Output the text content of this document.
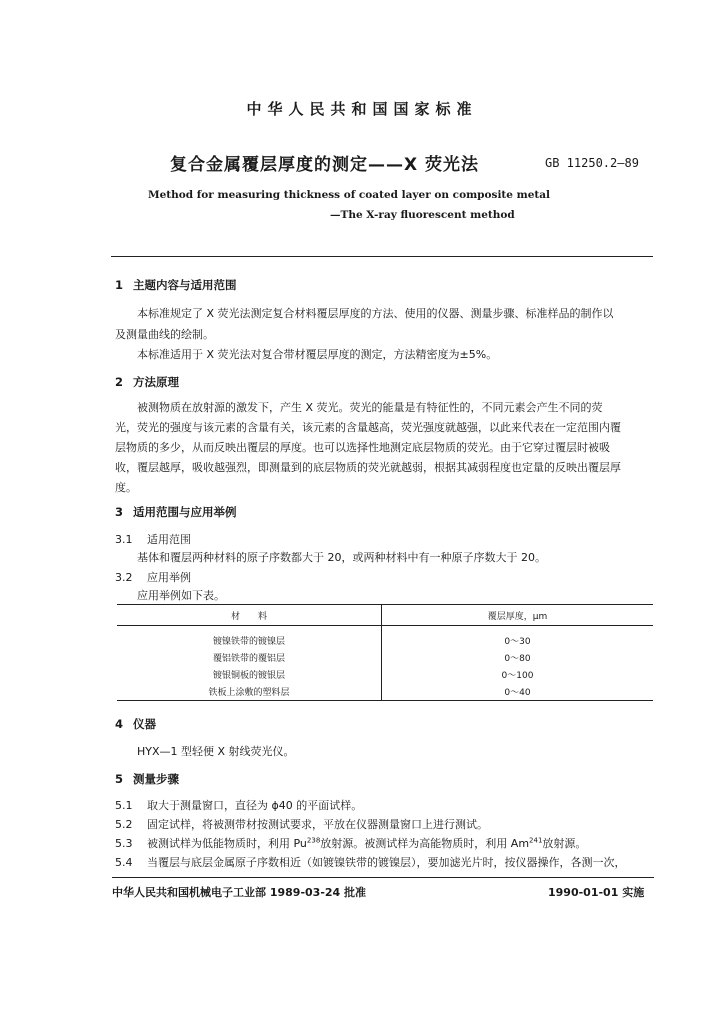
中华人民共和国国家标准
复合金属覆层厚度的测定——X 荧光法	GB 11250.2—89
Method for measuring thickness of coated layer on composite metal
—The X-ray fluorescent method
1 主题内容与适用范围
本标准规定了 X 荧光法测定复合材料覆层厚度的方法、使用的仪器、测量步骤、标准样品的制作以
及测量曲线的绘制。
本标准适用于 X 荧光法对复合带材覆层厚度的测定，方法精密度为±5%。
2 方法原理
被测物质在放射源的激发下，产生 X 荧光。荧光的能量是有特征性的，不同元素会产生不同的荧
光，荧光的强度与该元素的含量有关，该元素的含量越高，荧光强度就越强，以此来代表在一定范围内覆
层物质的多少，从而反映出覆层的厚度。也可以选择性地测定底层物质的荧光。由于它穿过覆层时被吸
收，覆层越厚，吸收越强烈，即测量到的底层物质的荧光就越弱，根据其减弱程度也定量的反映出覆层厚
度。
3 适用范围与应用举例
3.1 适用范围
基体和覆层两种材料的原子序数都大于 20，或两种材料中有一种原子序数大于 20。
3.2 应用举例
应用举例如下表。
材　　料	覆层厚度，μm
镀镍铁带的镀镍层	0～30
覆铝铁带的覆铝层	0～80
镀银铜板的镀银层	0～100
铁板上涂敷的塑料层	0～40
4 仪器
HYX—1 型轻便 X 射线荧光仪。
5 测量步骤
5.1 取大于测量窗口，直径为 ϕ40 的平面试样。
5.2 固定试样，将被测带材按测试要求，平放在仪器测量窗口上进行测试。
5.3 被测试样为低能物质时，利用 Pu$^{238}$放射源。被测试样为高能物质时，利用 Am$^{241}$放射源。
5.4 当覆层与底层金属原子序数相近（如镀镍铁带的镀镍层），要加滤光片时，按仪器操作，各测一次，
中华人民共和国机械电子工业部 1989-03-24 批准	1990-01-01 实施
